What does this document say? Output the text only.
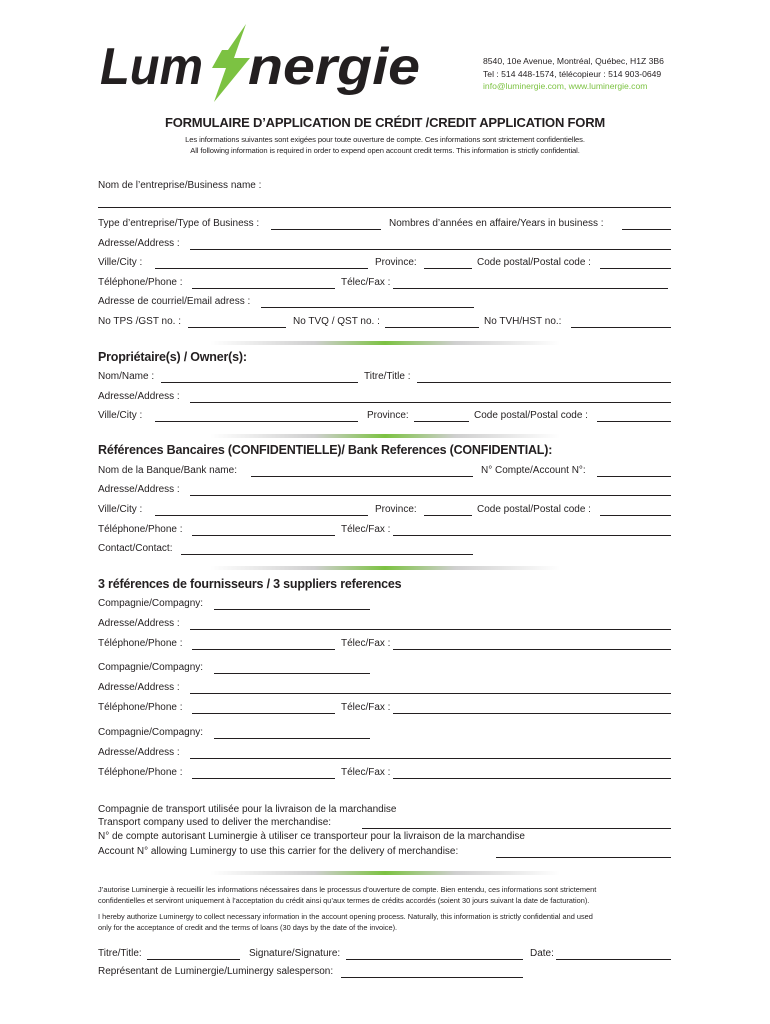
Lum nergie	8540, 10e Avenue, Montréal, Québec, H1Z 3B6
Tel : 514 448-1574, télécopieur : 514 903-0649
info@luminergie.com, www.luminergie.com
FORMULAIRE D’APPLICATION DE CRÉDIT /CREDIT APPLICATION FORM
Les informations suivantes sont exigées pour toute ouverture de compte. Ces informations sont strictement confidentielles.
All following information is required in order to expend open account credit terms. This information is strictly confidential.
Nom de l’entreprise/Business name :
Type d’entreprise/Type of Business :	Nombres d’années en affaire/Years in business :
Adresse/Address :
Ville/City :	Province:	Code postal/Postal code :
Téléphone/Phone :	Télec/Fax :
Adresse de courriel/Email adress :
No TPS /GST no. :	No TVQ / QST no. :	No TVH/HST no.:
Propriétaire(s) / Owner(s):
Nom/Name :	Titre/Title :
Adresse/Address :
Ville/City :	Province:	Code postal/Postal code :
Références Bancaires (CONFIDENTIELLE)/ Bank References (CONFIDENTIAL):
Nom de la Banque/Bank name:	N° Compte/Account N°:
Adresse/Address :
Ville/City :	Province:	Code postal/Postal code :
Téléphone/Phone :	Télec/Fax :
Contact/Contact:
3 références de fournisseurs / 3 suppliers references
Compagnie/Compagny:
Adresse/Address :
Téléphone/Phone :	Télec/Fax :
Compagnie/Compagny:
Adresse/Address :
Téléphone/Phone :	Télec/Fax :
Compagnie/Compagny:
Adresse/Address :
Téléphone/Phone :	Télec/Fax :
Compagnie de transport utilisée pour la livraison de la marchandise
Transport company used to deliver the merchandise:
N° de compte autorisant Luminergie à utiliser ce transporteur pour la livraison de la marchandise
Account N° allowing Luminergy to use this carrier for the delivery of merchandise:
J’autorise Luminergie à recueillir les informations nécessaires dans le processus d’ouverture de compte. Bien entendu, ces informations sont strictement
confidentielles et serviront uniquement à l’acceptation du crédit ainsi qu’aux termes de crédits accordés (soient 30 jours suivant la date de facturation).
I hereby authorize Luminergy to collect necessary information in the account opening process. Naturally, this information is strictly confidential and used
only for the acceptance of credit and the terms of loans (30 days by the date of the invoice).
Titre/Title:	Signature/Signature:	Date:
Représentant de Luminergie/Luminergy salesperson:
